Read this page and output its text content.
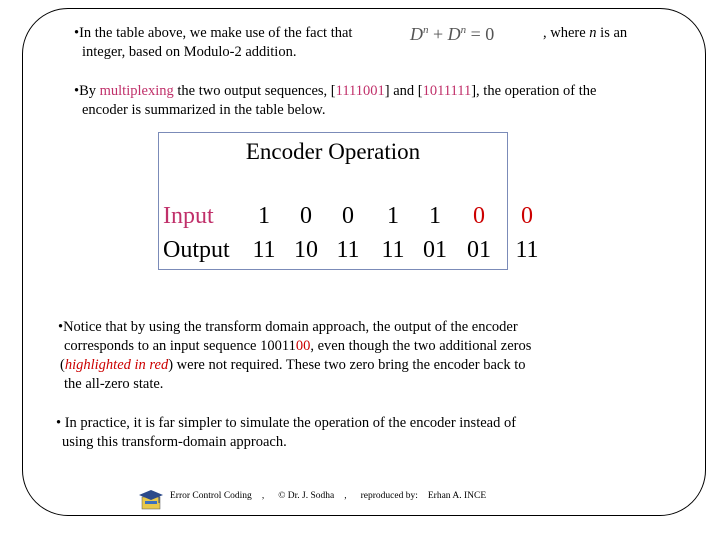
•In the table above, we make use of the fact that
integer, based on Modulo-2 addition.

$D^n + D^n = 0$	, where n is an

•By multiplexing the two output sequences, [1111001] and [1011111], the operation of the
encoder is summarized in the table below.

Encoder Operation
Input 1 0 0 1 1 0 0
Output 11 10 11 11 01 01 11

•Notice that by using the transform domain approach, the output of the encoder
corresponds to an input sequence 1001100, even though the two additional zeros
(highlighted in red) were not required. These two zero bring the encoder back to
the all-zero state.

• In practice, it is far simpler to simulate the operation of the encoder instead of
using this transform-domain approach.

Error Control Coding , © Dr. J. Sodha , reproduced by: Erhan A. INCE
